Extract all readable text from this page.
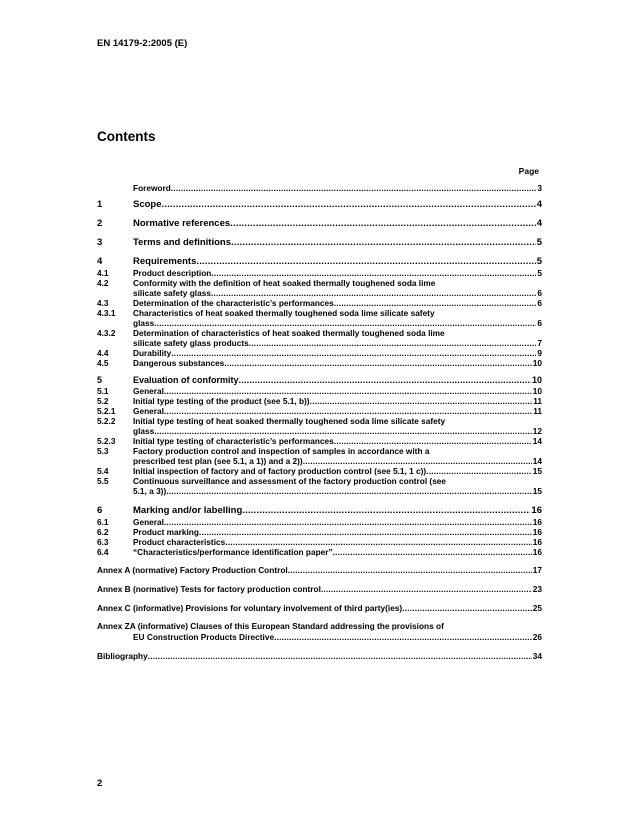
EN 14179-2:2005 (E)
Contents
Page
Foreword .....	3
1	Scope .....	4
2	Normative references .....	4
3	Terms and definitions .....	5
4	Requirements .....	5
4.1	Product description .....	5
4.2	Conformity with the definition of heat soaked thermally toughened soda lime
silicate safety glass .....	6
4.3	Determination of the characteristic’s performances .....	6
4.3.1	Characteristics of heat soaked thermally toughened soda lime silicate safety
glass .....	6
4.3.2	Determination of characteristics of heat soaked thermally toughened soda lime
silicate safety glass products .....	7
4.4	Durability .....	9
4.5	Dangerous substances .....	10
5	Evaluation of conformity .....	10
5.1	General .....	10
5.2	Initial type testing of the product (see 5.1, b)) .....	11
5.2.1	General .....	11
5.2.2	Initial type testing of heat soaked thermally toughened soda lime silicate safety
glass .....	12
5.2.3	Initial type testing of characteristic’s performances .....	14
5.3	Factory production control and inspection of samples in accordance with a
prescribed test plan (see 5.1, a 1)) and a 2)) .....	14
5.4	Initial inspection of factory and of factory production control (see 5.1, 1 c)) .....	15
5.5	Continuous surveillance and assessment of the factory production control (see
5.1, a 3)) .....	15
6	Marking and/or labelling .....	16
6.1	General .....	16
6.2	Product marking .....	16
6.3	Product characteristics .....	16
6.4	“Characteristics/performance identification paper” .....	16
Annex A (normative) Factory Production Control .....	17
Annex B (normative) Tests for factory production control .....	23
Annex C (informative) Provisions for voluntary involvement of third party(ies) .....	25
Annex ZA (informative) Clauses of this European Standard addressing the provisions of
EU Construction Products Directive .....	26
Bibliography .....	34
2
